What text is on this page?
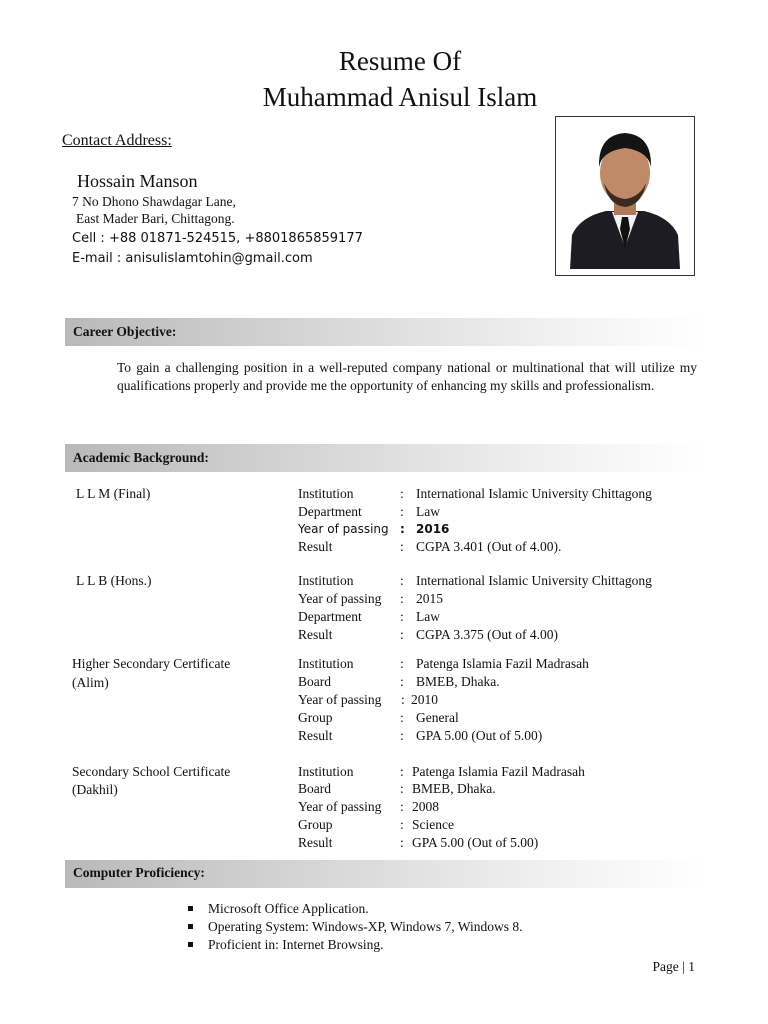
Resume Of
Muhammad Anisul Islam
Contact Address:
Hossain Manson
7 No Dhono Shawdagar Lane,
East Mader Bari, Chittagong.
Cell : +88 01871-524515, +8801865859177
E-mail : anisulislamtohin@gmail.com
Career Objective:
To gain a challenging position in a well-reputed company national or multinational that will utilize my qualifications properly and provide me the opportunity of enhancing my skills and professionalism.
Academic Background:
L L M (Final)	Institution	: International Islamic University Chittagong
Department	: Law
Year of passing : 2016
Result	: CGPA 3.401 (Out of 4.00).
L L B (Hons.)	Institution	: International Islamic University Chittagong
Year of passing : 2015
Department	: Law
Result	: CGPA 3.375 (Out of 4.00)
Higher Secondary Certificate
(Alim)
Institution	: Patenga Islamia Fazil Madrasah
Board	: BMEB, Dhaka.
Year of passing : 2010
Group	: General
Result	: GPA 5.00 (Out of 5.00)
Secondary School Certificate
(Dakhil)
Institution	: Patenga Islamia Fazil Madrasah
Board	: BMEB, Dhaka.
Year of passing : 2008
Group	: Science
Result	: GPA 5.00 (Out of 5.00)
Computer Proficiency:
Microsoft Office Application.
Operating System: Windows-XP, Windows 7, Windows 8.
Proficient in: Internet Browsing.
Page | 1
